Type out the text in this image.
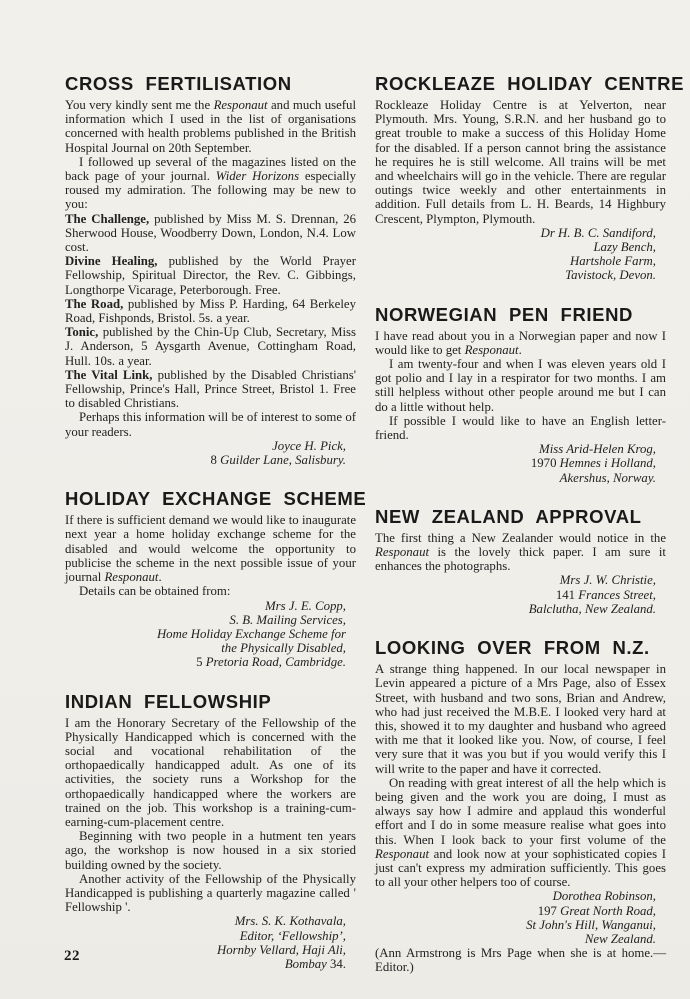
CROSS FERTILISATION

You very kindly sent me the Responaut and much useful information which I used in the list of organisations concerned with health problems published in the British Hospital Journal on 20th September.

I followed up several of the magazines listed on the back page of your journal. Wider Horizons especially roused my admiration. The following may be new to you:

The Challenge, published by Miss M. S. Drennan, 26 Sherwood House, Woodberry Down, London, N.4. Low cost.

Divine Healing, published by the World Prayer Fellowship, Spiritual Director, the Rev. C. Gibbings, Longthorpe Vicarage, Peterborough. Free.

The Road, published by Miss P. Harding, 64 Berkeley Road, Fishponds, Bristol. 5s. a year.

Tonic, published by the Chin-Up Club, Secretary, Miss J. Anderson, 5 Aysgarth Avenue, Cottingham Road, Hull. 10s. a year.

The Vital Link, published by the Disabled Christians' Fellowship, Prince's Hall, Prince Street, Bristol 1. Free to disabled Christians.

Perhaps this information will be of interest to some of your readers.

Joyce H. Pick,

8 Guilder Lane, Salisbury.

HOLIDAY EXCHANGE SCHEME

If there is sufficient demand we would like to inaugurate next year a home holiday exchange scheme for the disabled and would welcome the opportunity to publicise the scheme in the next possible issue of your journal Responaut.

Details can be obtained from:

Mrs J. E. Copp,

S. B. Mailing Services,

Home Holiday Exchange Scheme for

the Physically Disabled,

5 Pretoria Road, Cambridge.

INDIAN FELLOWSHIP

I am the Honorary Secretary of the Fellowship of the Physically Handicapped which is concerned with the social and vocational rehabilitation of the orthopaedically handicapped adult. As one of its activities, the society runs a Workshop for the orthopaedically handicapped where the workers are trained on the job. This workshop is a training-cum-earning-cum-placement centre.

Beginning with two people in a hutment ten years ago, the workshop is now housed in a six storied building owned by the society.

Another activity of the Fellowship of the Physically Handicapped is publishing a quarterly magazine called ' Fellowship '.

Mrs. S. K. Kothavala,

Editor, ‘Fellowship’,

Hornby Vellard, Haji Ali,

Bombay 34.

ROCKLEAZE HOLIDAY CENTRE

Rockleaze Holiday Centre is at Yelverton, near Plymouth. Mrs. Young, S.R.N. and her husband go to great trouble to make a success of this Holiday Home for the disabled. If a person cannot bring the assistance he requires he is still welcome. All trains will be met and wheelchairs will go in the vehicle. There are regular outings twice weekly and other entertainments in addition. Full details from L. H. Beards, 14 Highbury Crescent, Plympton, Plymouth.

Dr H. B. C. Sandiford,

Lazy Bench,

Hartshole Farm,

Tavistock, Devon.

NORWEGIAN PEN FRIEND

I have read about you in a Norwegian paper and now I would like to get Responaut.

I am twenty-four and when I was eleven years old I got polio and I lay in a respirator for two months. I am still helpless without other people around me but I can do a little without help.

If possible I would like to have an English letter-friend.

Miss Arid-Helen Krog,

1970 Hemnes i Holland,

Akershus, Norway.

NEW ZEALAND APPROVAL

The first thing a New Zealander would notice in the Responaut is the lovely thick paper. I am sure it enhances the photographs.

Mrs J. W. Christie,

141 Frances Street,

Balclutha, New Zealand.

LOOKING OVER FROM N.Z.

A strange thing happened. In our local newspaper in Levin appeared a picture of a Mrs Page, also of Essex Street, with husband and two sons, Brian and Andrew, who had just received the M.B.E. I looked very hard at this, showed it to my daughter and husband who agreed with me that it looked like you. Now, of course, I feel very sure that it was you but if you would verify this I will write to the paper and have it corrected.

On reading with great interest of all the help which is being given and the work you are doing, I must as always say how I admire and applaud this wonderful effort and I do in some measure realise what goes into this. When I look back to your first volume of the Responaut and look now at your sophisticated copies I just can't express my admiration sufficiently. This goes to all your other helpers too of course.

Dorothea Robinson,

197 Great North Road,

St John's Hill, Wanganui,

New Zealand.

(Ann Armstrong is Mrs Page when she is at home.—Editor.)

22
